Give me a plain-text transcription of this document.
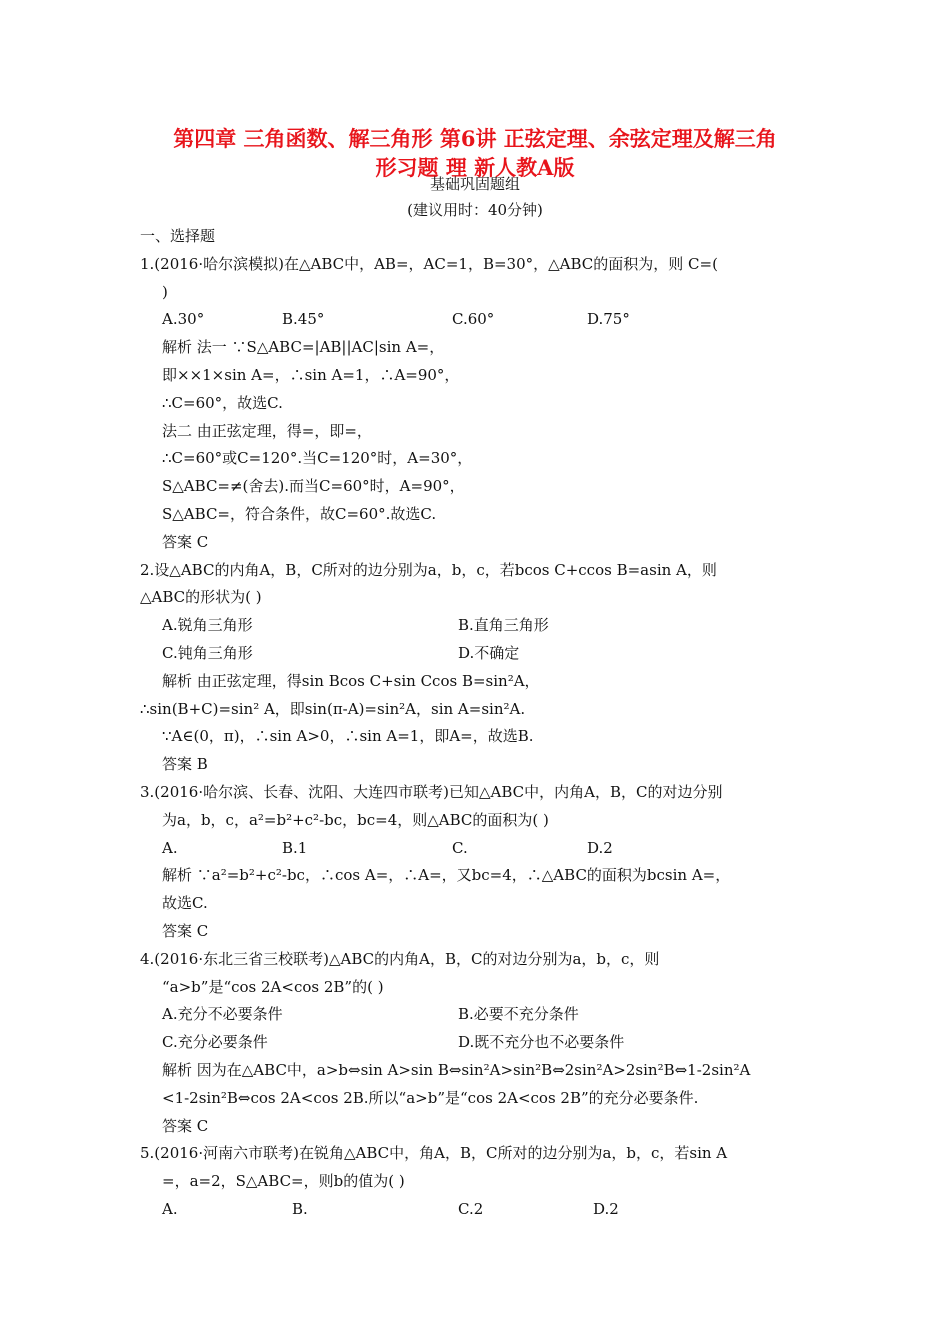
第四章 三角函数、解三角形 第6讲 正弦定理、余弦定理及解三角
形习题 理 新人教A版
基础巩固题组
(建议用时：40分钟)
一、选择题
1.(2016·哈尔滨模拟)在△ABC中，AB=，AC=1，B=30°，△ABC的面积为，则 C=(
)
A.30°	B.45°	C.60°	D.75°
解析 法一 ∵S△ABC=|AB||AC|sin A=，
即××1×sin A=，∴sin A=1，∴A=90°，
∴C=60°，故选C.
法二 由正弦定理，得=，即=，
∴C=60°或C=120°.当C=120°时，A=30°，
S△ABC=≠(舍去).而当C=60°时，A=90°，
S△ABC=，符合条件，故C=60°.故选C.
答案 C
2.设△ABC的内角A，B，C所对的边分别为a，b，c，若bcos C+ccos B=asin A，则
△ABC的形状为( )
A.锐角三角形	B.直角三角形
C.钝角三角形	D.不确定
解析 由正弦定理，得sin Bcos C+sin Ccos B=sin²A，
∴sin(B+C)=sin² A，即sin(π-A)=sin²A，sin A=sin²A.
∵A∈(0，π)，∴sin A>0，∴sin A=1，即A=，故选B.
答案 B
3.(2016·哈尔滨、长春、沈阳、大连四市联考)已知△ABC中，内角A，B，C的对边分别
为a，b，c，a²=b²+c²-bc，bc=4，则△ABC的面积为( )
A.	B.1	C.	D.2
解析 ∵a²=b²+c²-bc，∴cos A=，∴A=，又bc=4，∴△ABC的面积为bcsin A=，
故选C.
答案 C
4.(2016·东北三省三校联考)△ABC的内角A，B，C的对边分别为a，b，c，则
“a>b”是“cos 2A<cos 2B”的( )
A.充分不必要条件	B.必要不充分条件
C.充分必要条件	D.既不充分也不必要条件
解析 因为在△ABC中，a>b⇔sin A>sin B⇔sin²A>sin²B⇔2sin²A>2sin²B⇔1-2sin²A
<1-2sin²B⇔cos 2A<cos 2B.所以“a>b”是“cos 2A<cos 2B”的充分必要条件.
答案 C
5.(2016·河南六市联考)在锐角△ABC中，角A，B，C所对的边分别为a，b，c，若sin A
=，a=2，S△ABC=，则b的值为( )
A.	B.	C.2	D.2
